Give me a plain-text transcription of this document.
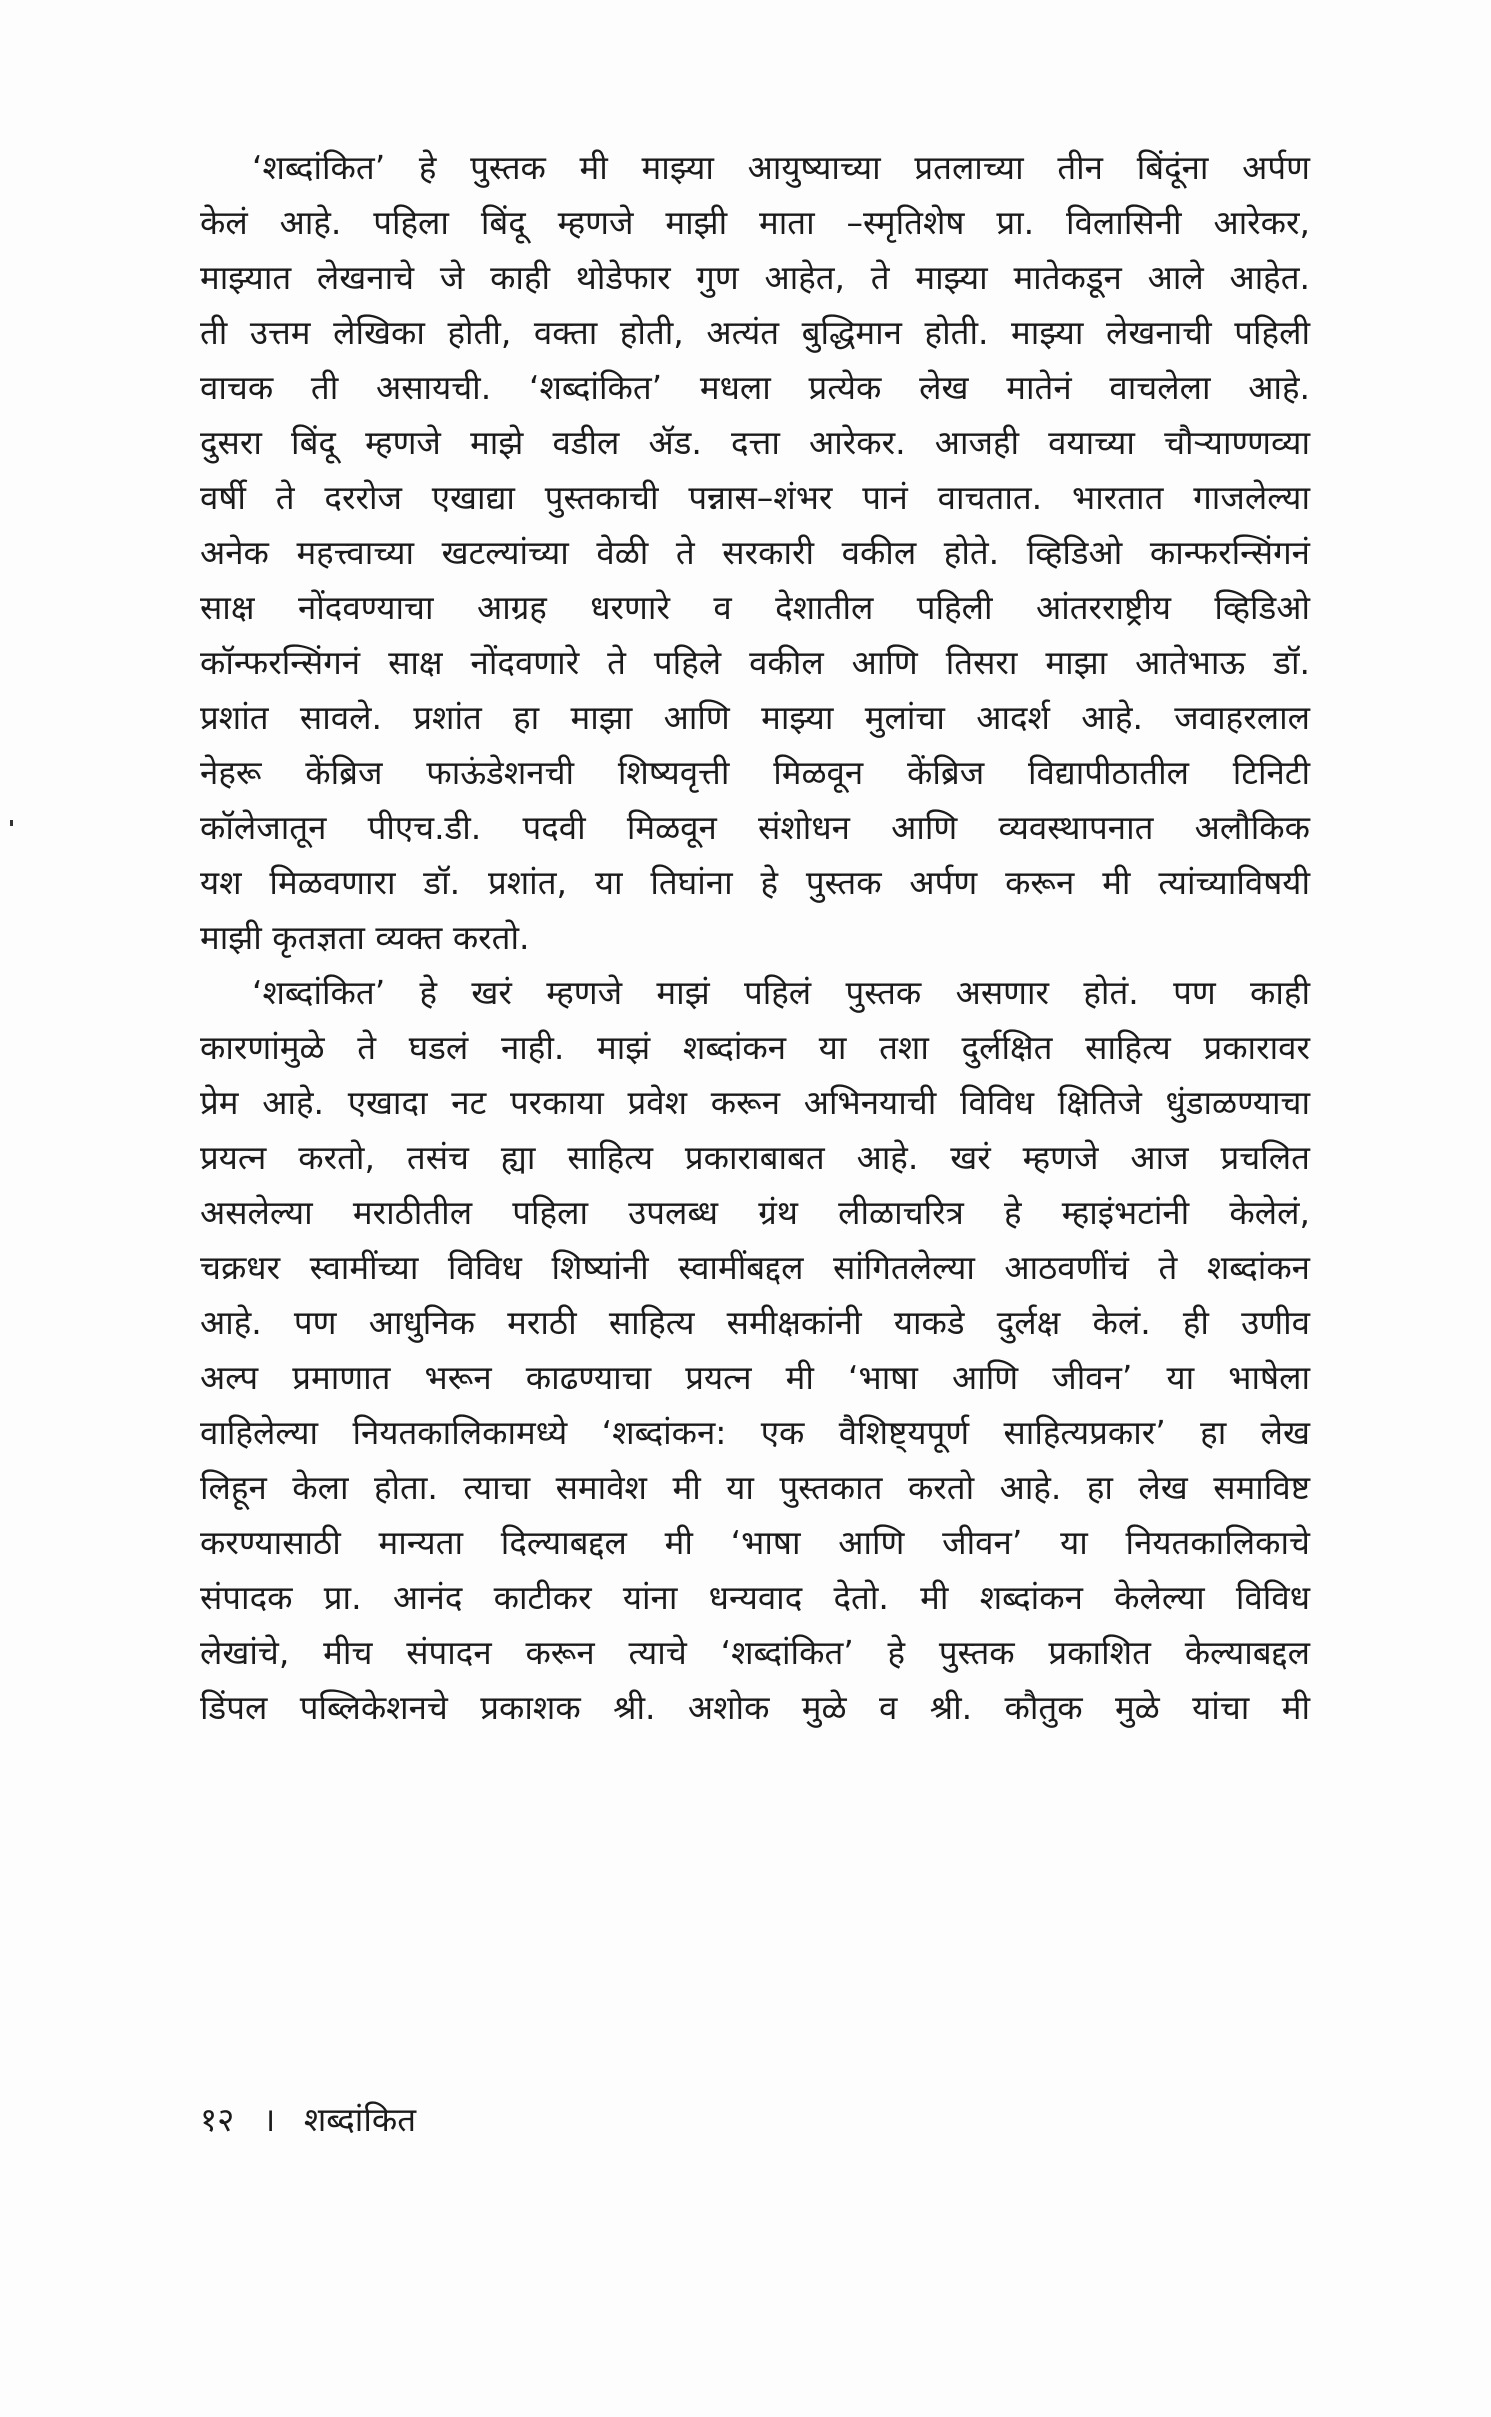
‘शब्दांकित’ हे पुस्तक मी माझ्या आयुष्याच्या प्रतलाच्या तीन बिंदूंना अर्पण
केलं आहे. पहिला बिंदू म्हणजे माझी माता –स्मृतिशेष प्रा. विलासिनी आरेकर,
माझ्यात लेखनाचे जे काही थोडेफार गुण आहेत, ते माझ्या मातेकडून आले आहेत.
ती उत्तम लेखिका होती, वक्ता होती, अत्यंत बुद्धिमान होती. माझ्या लेखनाची पहिली
वाचक ती असायची. ‘शब्दांकित’ मधला प्रत्येक लेख मातेनं वाचलेला आहे.
दुसरा बिंदू म्हणजे माझे वडील ॲड. दत्ता आरेकर. आजही वयाच्या चौऱ्याण्णव्या
वर्षी ते दररोज एखाद्या पुस्तकाची पन्नास–शंभर पानं वाचतात. भारतात गाजलेल्या
अनेक महत्त्वाच्या खटल्यांच्या वेळी ते सरकारी वकील होते. व्हिडिओ कान्फरन्सिंगनं
साक्ष नोंदवण्याचा आग्रह धरणारे व देशातील पहिली आंतरराष्ट्रीय व्हिडिओ
कॉन्फरन्सिंगनं साक्ष नोंदवणारे ते पहिले वकील आणि तिसरा माझा आतेभाऊ डॉ.
प्रशांत सावले. प्रशांत हा माझा आणि माझ्या मुलांचा आदर्श आहे. जवाहरलाल
नेहरू केंब्रिज फाऊंडेशनची शिष्यवृत्ती मिळवून केंब्रिज विद्यापीठातील टिनिटी
कॉलेजातून पीएच.डी. पदवी मिळवून संशोधन आणि व्यवस्थापनात अलौकिक
यश मिळवणारा डॉ. प्रशांत, या तिघांना हे पुस्तक अर्पण करून मी त्यांच्याविषयी
माझी कृतज्ञता व्यक्त करतो.
‘शब्दांकित’ हे खरं म्हणजे माझं पहिलं पुस्तक असणार होतं. पण काही
कारणांमुळे ते घडलं नाही. माझं शब्दांकन या तशा दुर्लक्षित साहित्य प्रकारावर
प्रेम आहे. एखादा नट परकाया प्रवेश करून अभिनयाची विविध क्षितिजे धुंडाळण्याचा
प्रयत्न करतो, तसंच ह्या साहित्य प्रकाराबाबत आहे. खरं म्हणजे आज प्रचलित
असलेल्या मराठीतील पहिला उपलब्ध ग्रंथ लीळाचरित्र हे म्हाइंभटांनी केलेलं,
चक्रधर स्वामींच्या विविध शिष्यांनी स्वामींबद्दल सांगितलेल्या आठवणींचं ते शब्दांकन
आहे. पण आधुनिक मराठी साहित्य समीक्षकांनी याकडे दुर्लक्ष केलं. ही उणीव
अल्प प्रमाणात भरून काढण्याचा प्रयत्न मी ‘भाषा आणि जीवन’ या भाषेला
वाहिलेल्या नियतकालिकामध्ये ‘शब्दांकन: एक वैशिष्ट्यपूर्ण साहित्यप्रकार’ हा लेख
लिहून केला होता. त्याचा समावेश मी या पुस्तकात करतो आहे. हा लेख समाविष्ट
करण्यासाठी मान्यता दिल्याबद्दल मी ‘भाषा आणि जीवन’ या नियतकालिकाचे
संपादक प्रा. आनंद काटीकर यांना धन्यवाद देतो. मी शब्दांकन केलेल्या विविध
लेखांचे, मीच संपादन करून त्याचे ‘शब्दांकित’ हे पुस्तक प्रकाशित केल्याबद्दल
डिंपल पब्लिकेशनचे प्रकाशक श्री. अशोक मुळे व श्री. कौतुक मुळे यांचा मी
१२ । शब्दांकित
